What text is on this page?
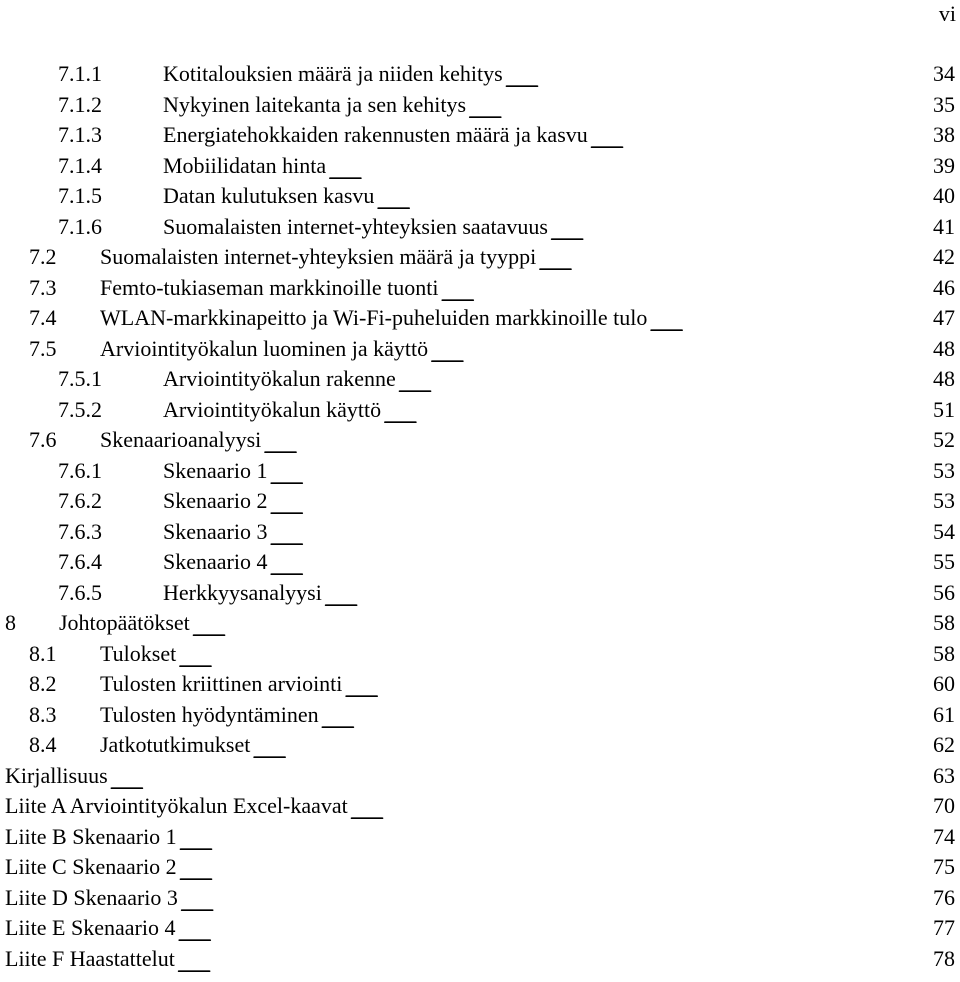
vi
7.1.1	Kotitalouksien määrä ja niiden kehitys . . .	34
7.1.2	Nykyinen laitekanta ja sen kehitys . . .	35
7.1.3	Energiatehokkaiden rakennusten määrä ja kasvu . . .	38
7.1.4	Mobiilidatan hinta . . .	39
7.1.5	Datan kulutuksen kasvu . . .	40
7.1.6	Suomalaisten internet-yhteyksien saatavuus . . .	41
7.2	Suomalaisten internet-yhteyksien määrä ja tyyppi . . .	42
7.3	Femto-tukiaseman markkinoille tuonti . . .	46
7.4	WLAN-markkinapeitto ja Wi-Fi-puheluiden markkinoille tulo . . .	47
7.5	Arviointityökalun luominen ja käyttö . . .	48
7.5.1	Arviointityökalun rakenne . . .	48
7.5.2	Arviointityökalun käyttö . . .	51
7.6	Skenaarioanalyysi . . .	52
7.6.1	Skenaario 1 . . .	53
7.6.2	Skenaario 2 . . .	53
7.6.3	Skenaario 3 . . .	54
7.6.4	Skenaario 4 . . .	55
7.6.5	Herkkyysanalyysi . . .	56
8	Johtopäätökset . . .	58
8.1	Tulokset . . .	58
8.2	Tulosten kriittinen arviointi . . .	60
8.3	Tulosten hyödyntäminen . . .	61
8.4	Jatkotutkimukset . . .	62
Kirjallisuus . . .	63
Liite A Arviointityökalun Excel-kaavat . . .	70
Liite B Skenaario 1 . . .	74
Liite C Skenaario 2 . . .	75
Liite D Skenaario 3 . . .	76
Liite E Skenaario 4 . . .	77
Liite F Haastattelut . . .	78
